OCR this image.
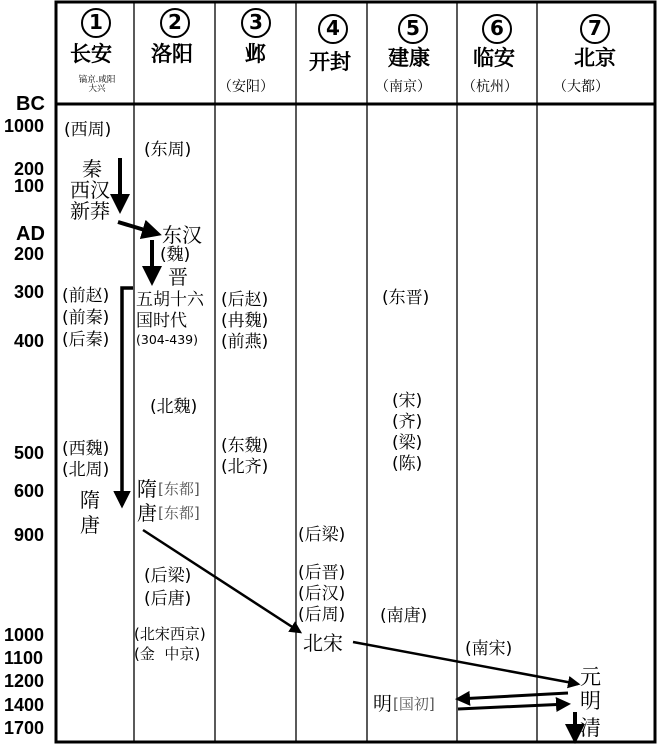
1
长安
镐京.咸阳
大兴
2
洛阳
3
邺
（安阳）
4
开封
5
建康
（南京）
6
临安
（杭州）
7
北京
（大都）
BC
1000
200
100
AD
200
300
400
500
600
900
1000
1100
1200
1400
1700
(西周)
秦
西汉
新莽
(前赵)
(前秦)
(后秦)
(西魏)
(北周)
隋
唐
(东周)
东汉
(魏)
晋
五胡十六
国时代
(304-439)
(北魏)
隋 [东都]
唐 [东都]
(后梁)
(后唐)
(北宋西京)
(金  中京)
(后赵)
(冉魏)
(前燕)
(东魏)
(北齐)
(后梁)
(后晋)
(后汉)
(后周)
北宋
(东晋)
(宋)
(齐)
(梁)
(陈)
(南唐)
明 [国初]
(南宋)
元
明
清
